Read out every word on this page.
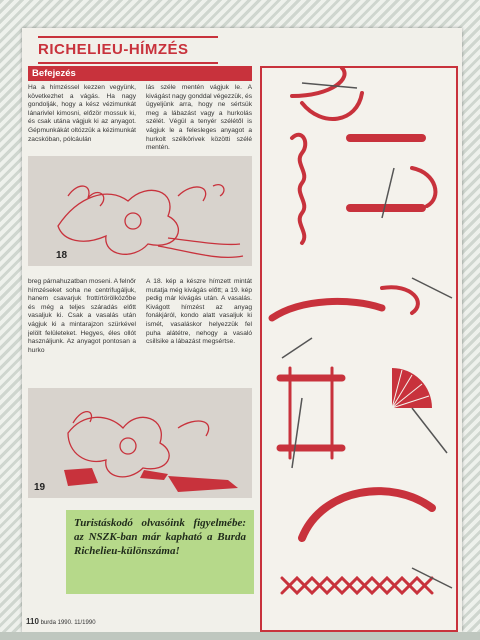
RICHELIEU-HÍMZÉS
Befejezés
Ha a hímzéssel kezzen vegyünk, következhet a vágás. Ha nagy gondolják, hogy a kész vézimunkát lánarivlel kimosni, előzör mossuk ki, és csak utána vágjuk ki az anyagot. Gépmunkákát oltózzük a kézimunkát zacskóban, pólcáulán
lás széle mentén vágjuk le. A kivágást nagy gonddal végezzük, és ügyeljünk arra, hogy ne sértsük meg a lábazást vagy a hurkolás szélét. Végül a tenyér szélétől is vágjuk le a felesleges anyagot a hurkolt szélkörivek közötti szélé mentén.
18
breg párnahuzatban moseni. A felnőr hímzéseket soha ne centrifugáljuk, hanem csavarjuk frottírtörölközőbe és még a teljes száradás előtt vasaljuk ki. Csak a vasalás után vágjuk ki a mintarajzon szürkével jelölt felületeket. Hegyes, éles ollót használjunk. Az anyagot pontosan a hurko
A 18. kép a készre hímzett mintát mutatja még kivágás előtt; a 19. kép pedig már kivágás után. A vasalás. Kivágott hímzést az anyag fonákjáról, kondo alatt vasaljuk ki ismét, vasaláskor helyezzük fel puha alátétre, nehogy a vasaló csillsike a lábazást megsértse.
19
Turistáskodó olvasóink figyelmébe: az NSZK-ban már kapható a Burda Richelieu-különszáma!
110 burda 1990. 11/1990
